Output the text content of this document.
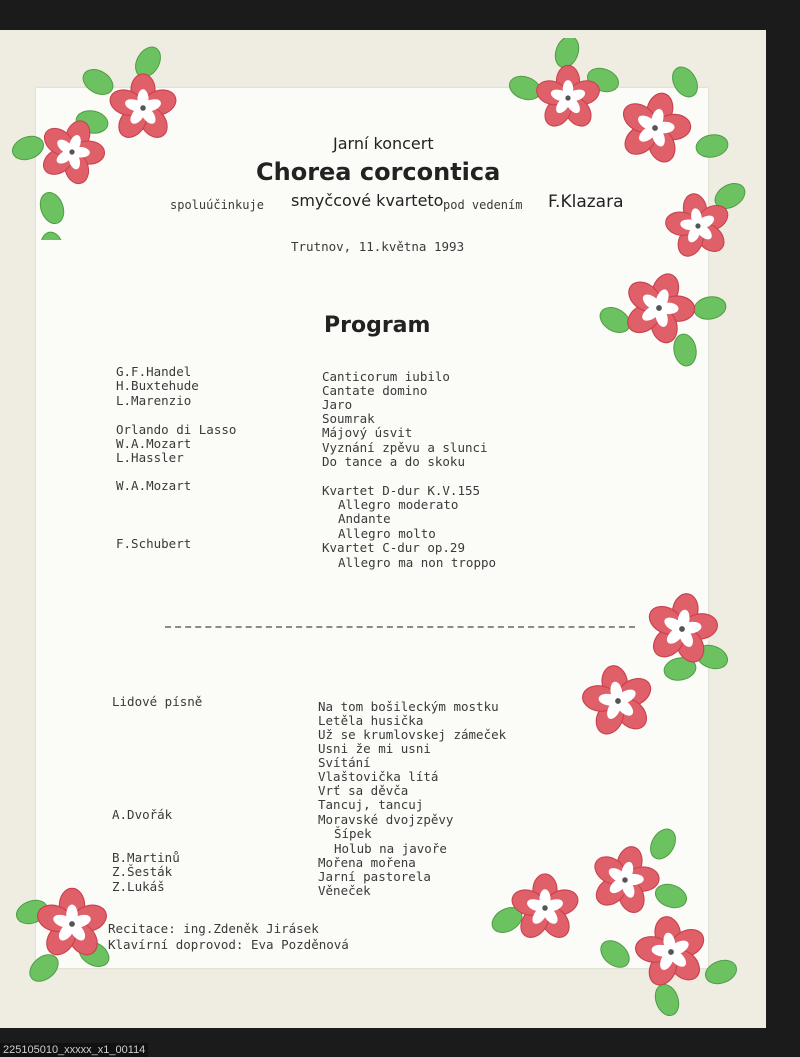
Jarní koncert
Chorea corcontica
spoluúčinkuje smyčcové kvarteto pod vedením F.Klazara
Trutnov, 11.května 1993
Program
G.F.Handel
H.Buxtehude
L.Marenzio
Orlando di Lasso
W.A.Mozart
L.Hassler
W.A.Mozart
F.Schubert
Canticorum iubilo
Cantate domino
Jaro
Soumrak
Májový úsvit
Vyznání zpěvu a slunci
Do tance a do skoku
Kvartet D-dur K.V.155
Allegro moderato
Andante
Allegro molto
Kvartet C-dur op.29
Allegro ma non troppo
Lidové písně
A.Dvořák
B.Martinů
Z.Šesták
Z.Lukáš
Na tom bošileckým mostku
Letěla husička
Už se krumlovskej zámeček
Usni že mi usni
Svítání
Vlaštovička lítá
Vrť sa děvča
Tancuj, tancuj
Moravské dvojzpěvy
Šípek
Holub na javoře
Mořena mořena
Jarní pastorela
Věneček
Recitace: ing.Zdeněk Jirásek
Klavírní doprovod: Eva Pozděnová
225105010_xxxxx_x1_00114
